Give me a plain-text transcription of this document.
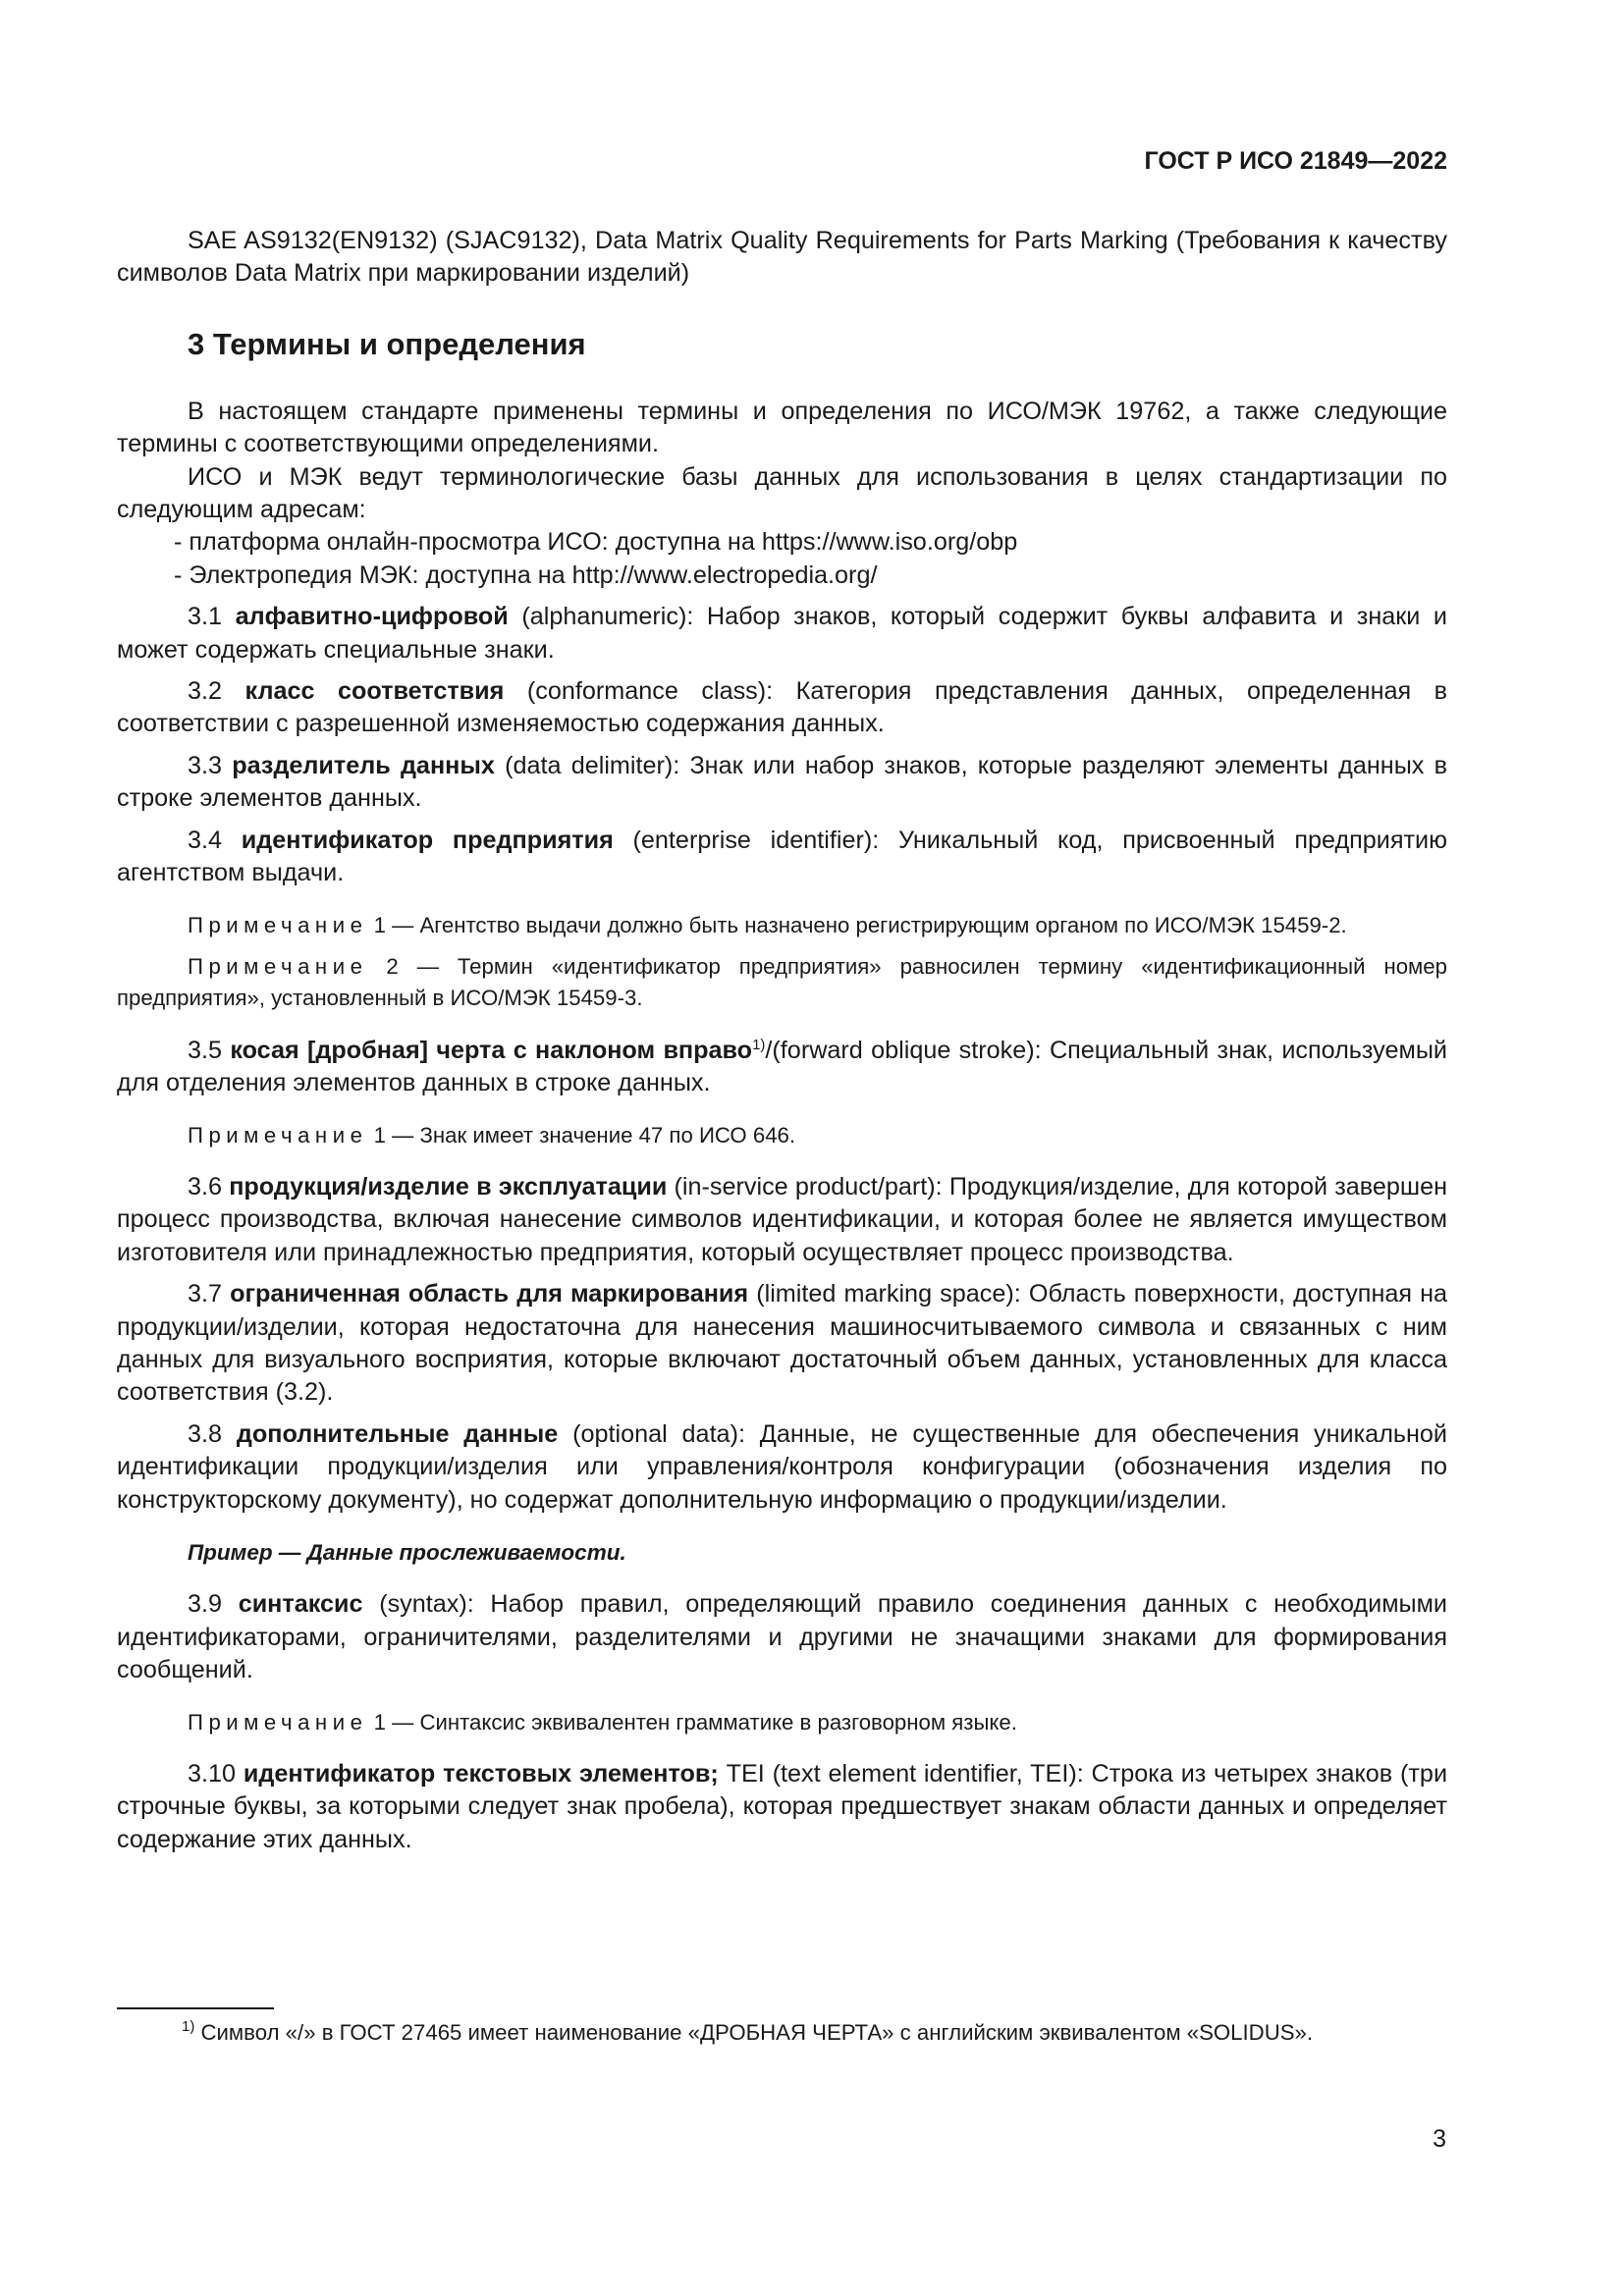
ГОСТ Р ИСО 21849—2022

SAE AS9132(EN9132) (SJAC9132), Data Matrix Quality Requirements for Parts Marking (Требования к качеству символов Data Matrix при маркировании изделий)

3 Термины и определения

В настоящем стандарте применены термины и определения по ИСО/МЭК 19762, а также следующие термины с соответствующими определениями.

ИСО и МЭК ведут терминологические базы данных для использования в целях стандартизации по следующим адресам:

- платформа онлайн-просмотра ИСО: доступна на https://www.iso.org/obp

- Электропедия МЭК: доступна на http://www.electropedia.org/

3.1 алфавитно-цифровой (alphanumeric): Набор знаков, который содержит буквы алфавита и знаки и может содержать специальные знаки.

3.2 класс соответствия (conformance class): Категория представления данных, определенная в соответствии с разрешенной изменяемостью содержания данных.

3.3 разделитель данных (data delimiter): Знак или набор знаков, которые разделяют элементы данных в строке элементов данных.

3.4 идентификатор предприятия (enterprise identifier): Уникальный код, присвоенный предприятию агентством выдачи.

Примечание 1 — Агентство выдачи должно быть назначено регистрирующим органом по ИСО/МЭК 15459-2.

Примечание 2 — Термин «идентификатор предприятия» равносилен термину «идентификационный номер предприятия», установленный в ИСО/МЭК 15459-3.

3.5 косая [дробная] черта с наклоном вправо$^{1)}$/(forward oblique stroke): Специальный знак, используемый для отделения элементов данных в строке данных.

Примечание 1 — Знак имеет значение 47 по ИСО 646.

3.6 продукция/изделие в эксплуатации (in-service product/part): Продукция/изделие, для которой завершен процесс производства, включая нанесение символов идентификации, и которая более не является имуществом изготовителя или принадлежностью предприятия, который осуществляет процесс производства.

3.7 ограниченная область для маркирования (limited marking space): Область поверхности, доступная на продукции/изделии, которая недостаточна для нанесения машиносчитываемого символа и связанных с ним данных для визуального восприятия, которые включают достаточный объем данных, установленных для класса соответствия (3.2).

3.8 дополнительные данные (optional data): Данные, не существенные для обеспечения уникальной идентификации продукции/изделия или управления/контроля конфигурации (обозначения изделия по конструкторскому документу), но содержат дополнительную информацию о продукции/изделии.

Пример — Данные прослеживаемости.

3.9 синтаксис (syntax): Набор правил, определяющий правило соединения данных с необходимыми идентификаторами, ограничителями, разделителями и другими не значащими знаками для формирования сообщений.

Примечание 1 — Синтаксис эквивалентен грамматике в разговорном языке.

3.10 идентификатор текстовых элементов; TEI (text element identifier, TEI): Строка из четырех знаков (три строчные буквы, за которыми следует знак пробела), которая предшествует знакам области данных и определяет содержание этих данных.

$^{1)}$ Символ «/» в ГОСТ 27465 имеет наименование «ДРОБНАЯ ЧЕРТА» с английским эквивалентом «SOLIDUS».

3
